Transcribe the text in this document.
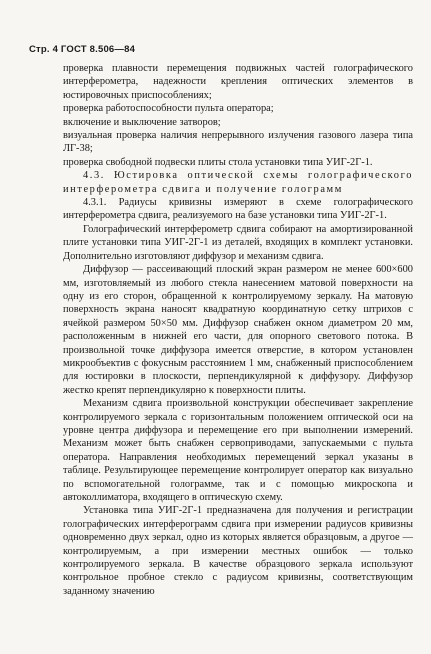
Стр. 4 ГОСТ 8.506—84

проверка плавности перемещения подвижных частей голографического интерферометра, надежности крепления оптических элементов в юстировочных приспособлениях;

проверка работоспособности пульта оператора;

включение и выключение затворов;

визуальная проверка наличия непрерывного излучения газового лазера типа ЛГ-38;

проверка свободной подвески плиты стола установки типа УИГ-2Г-1.

4.3. Юстировка оптической схемы голографического интерферометра сдвига и получение голограмм

4.3.1. Радиусы кривизны измеряют в схеме голографического интерферометра сдвига, реализуемого на базе установки типа УИГ-2Г-1.

Голографический интерферометр сдвига собирают на амортизированной плите установки типа УИГ-2Г-1 из деталей, входящих в комплект установки. Дополнительно изготовляют диффузор и механизм сдвига.

Диффузор — рассеивающий плоский экран размером не менее 600×600 мм, изготовляемый из любого стекла нанесением матовой поверхности на одну из его сторон, обращенной к контролируемому зеркалу. На матовую поверхность экрана наносят квадратную координатную сетку штрихов с ячейкой размером 50×50 мм. Диффузор снабжен окном диаметром 20 мм, расположенным в нижней его части, для опорного светового потока. В произвольной точке диффузора имеется отверстие, в котором установлен микрообъектив с фокусным расстоянием 1 мм, снабженный приспособлением для юстировки в плоскости, перпендикулярной к диффузору. Диффузор жестко крепят перпендикулярно к поверхности плиты.

Механизм сдвига произвольной конструкции обеспечивает закрепление контролируемого зеркала с горизонтальным положением оптической оси на уровне центра диффузора и перемещение его при выполнении измерений. Механизм может быть снабжен сервоприводами, запускаемыми с пульта оператора. Направления необходимых перемещений зеркал указаны в таблице. Результирующее перемещение контролирует оператор как визуально по вспомогательной голограмме, так и с помощью микроскопа и автоколлиматора, входящего в оптическую схему.

Установка типа УИГ-2Г-1 предназначена для получения и регистрации голографических интерферограмм сдвига при измерении радиусов кривизны одновременно двух зеркал, одно из которых является образцовым, а другое — контролируемым, а при измерении местных ошибок — только контролируемого зеркала. В качестве образцового зеркала используют контрольное пробное стекло с радиусом кривизны, соответствующим заданному значению
